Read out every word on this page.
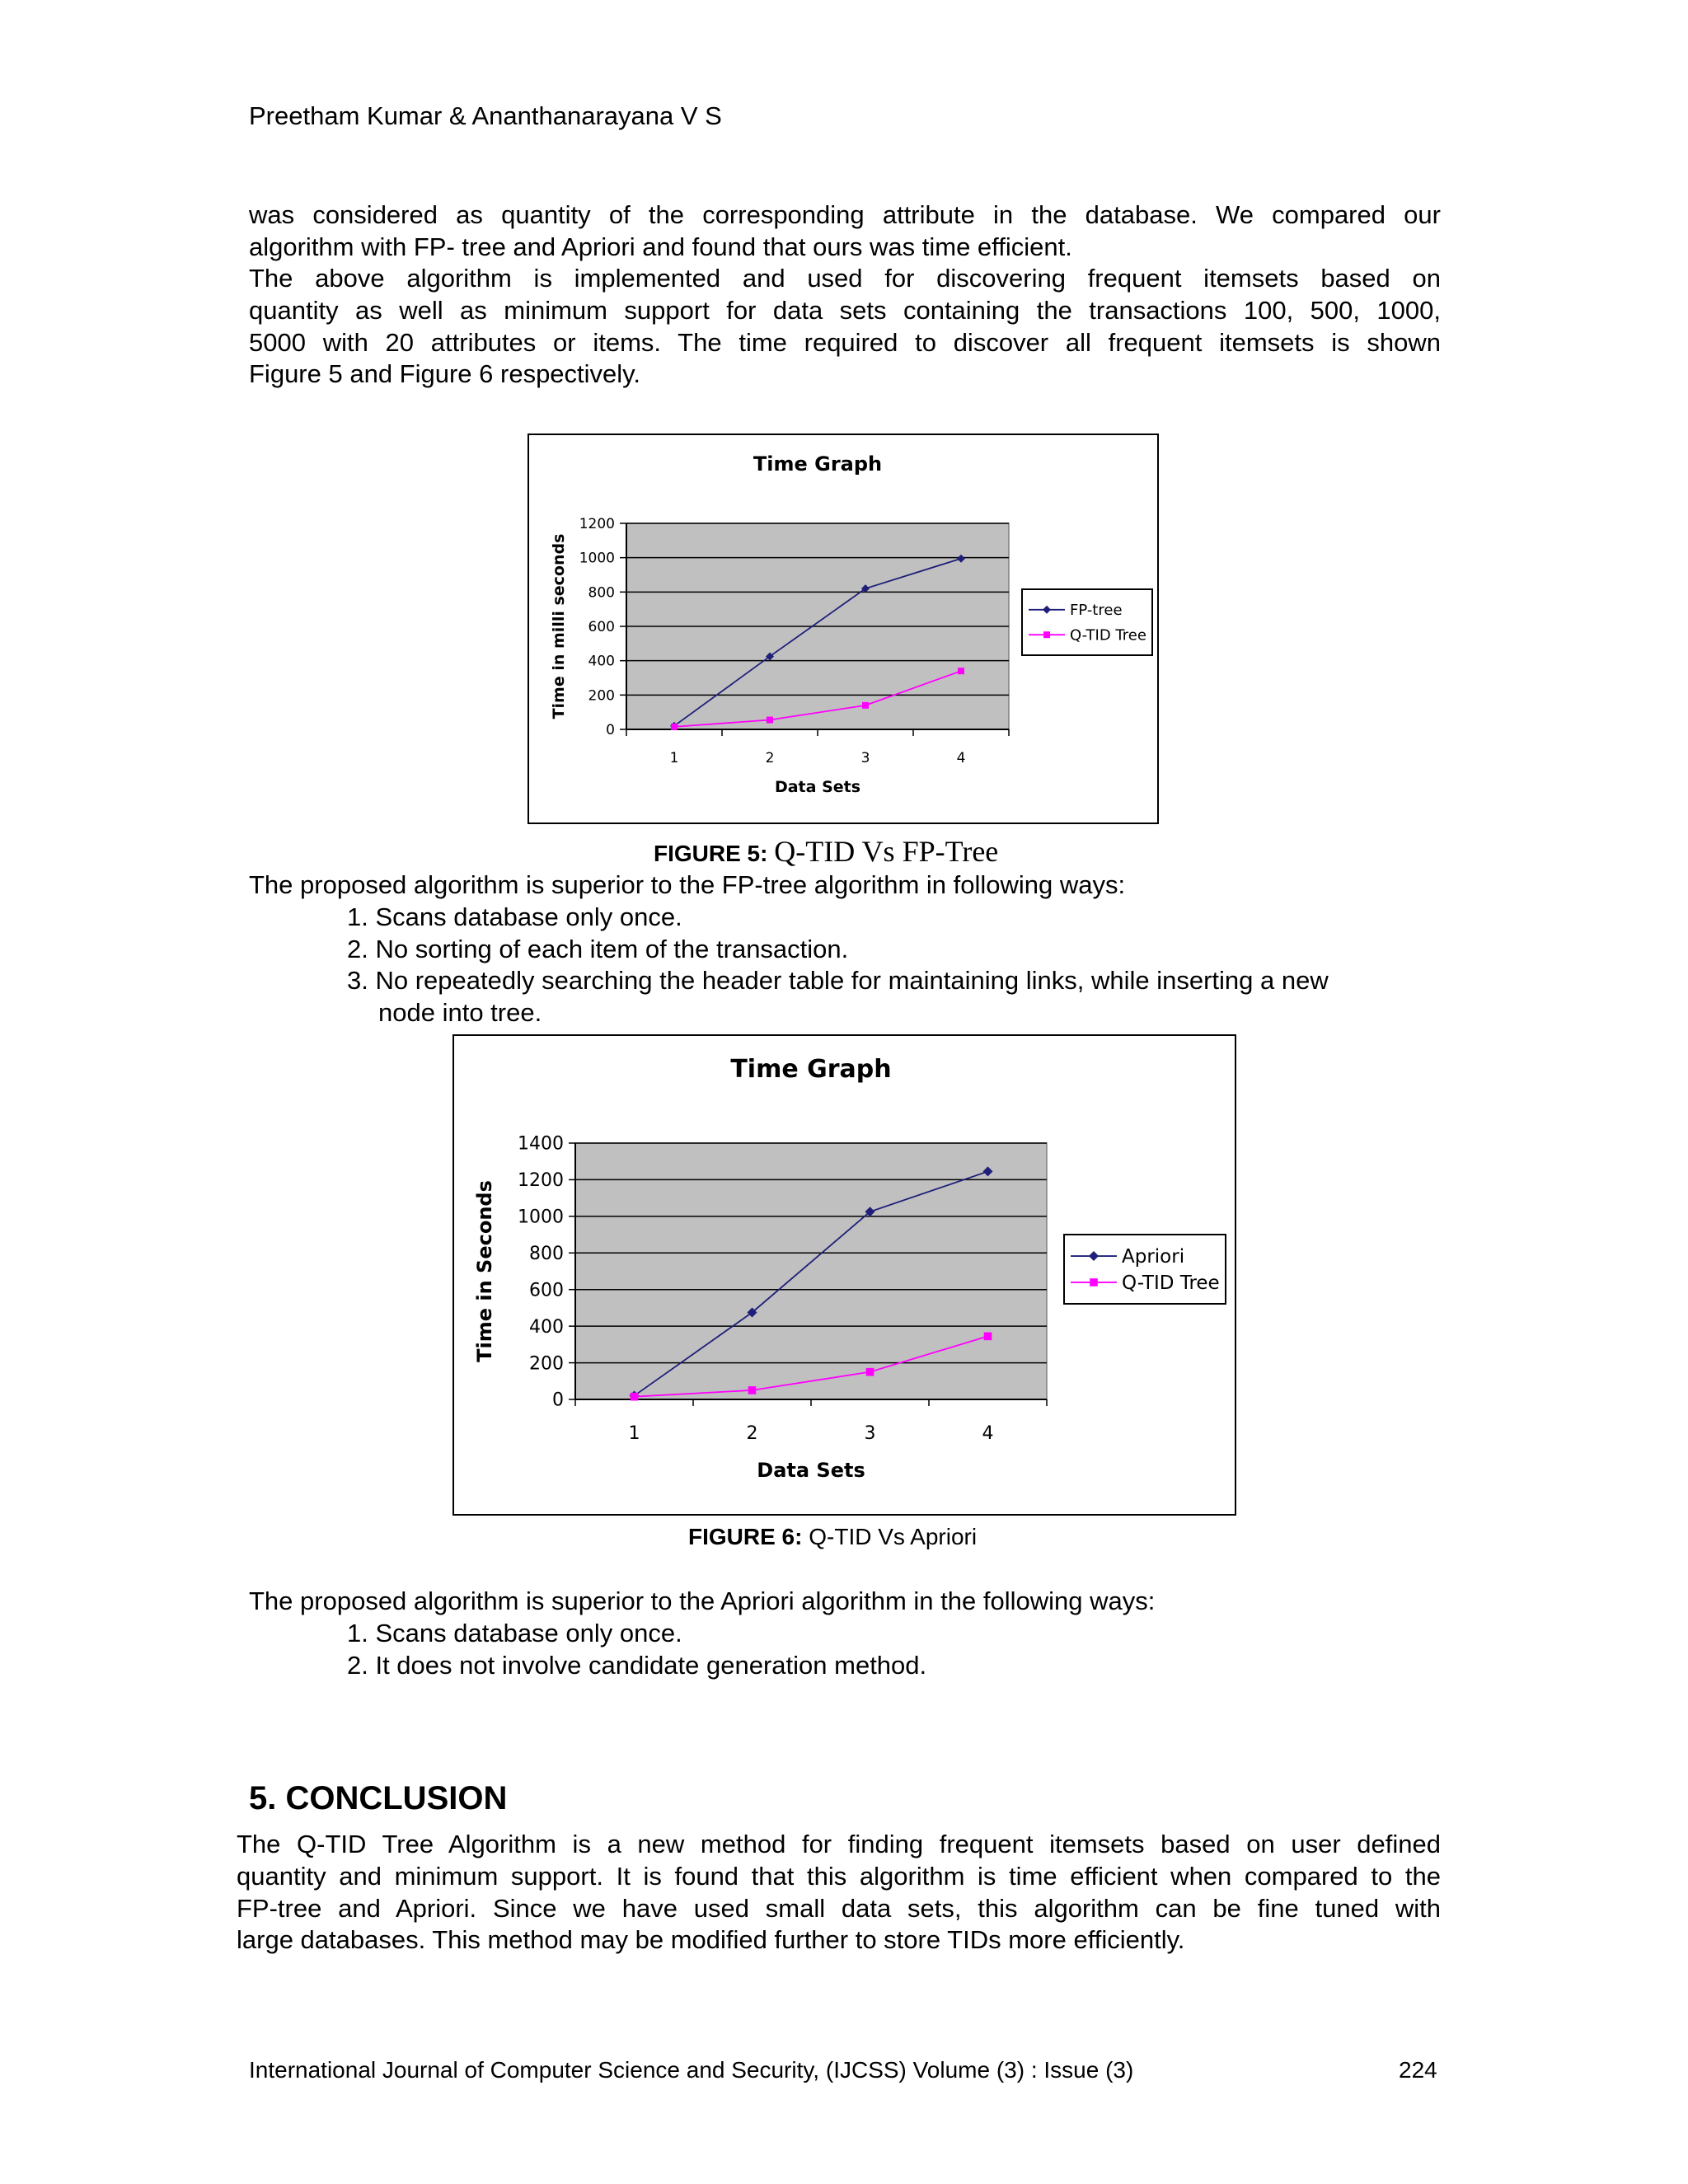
Preetham Kumar & Ananthanarayana V S
was considered as quantity of the corresponding attribute in the database. We compared our
algorithm with FP- tree and Apriori and found that ours was time efficient.
The above algorithm is implemented and used for discovering frequent itemsets based on
quantity as well as minimum support for data sets containing the transactions 100, 500, 1000,
5000 with 20 attributes or items. The time required to discover all frequent itemsets is shown
Figure 5 and Figure 6 respectively.
Time Graph
0
200
400
600
800
1000
1200
1	2	3	4
Data Sets
Time in milli seconds	FP-tree
Q-TID Tree
FIGURE 5: Q-TID Vs FP-Tree
The proposed algorithm is superior to the FP-tree algorithm in following ways:
1. Scans database only once.
2. No sorting of each item of the transaction.
3. No repeatedly searching the header table for maintaining links, while inserting a new
node into tree.
Time Graph
0
200
400
600
800
1000
1200
1400
1	2	3	4
Data Sets
Time in Seconds	Apriori
Q-TID Tree
FIGURE 6: Q-TID Vs Apriori
The proposed algorithm is superior to the Apriori algorithm in the following ways:
1. Scans database only once.
2. It does not involve candidate generation method.
5. CONCLUSION
The Q-TID Tree Algorithm is a new method for finding frequent itemsets based on user defined
quantity and minimum support. It is found that this algorithm is time efficient when compared to the
FP-tree and Apriori. Since we have used small data sets, this algorithm can be fine tuned with
large databases. This method may be modified further to store TIDs more efficiently.
International Journal of Computer Science and Security, (IJCSS) Volume (3) : Issue (3)	224
